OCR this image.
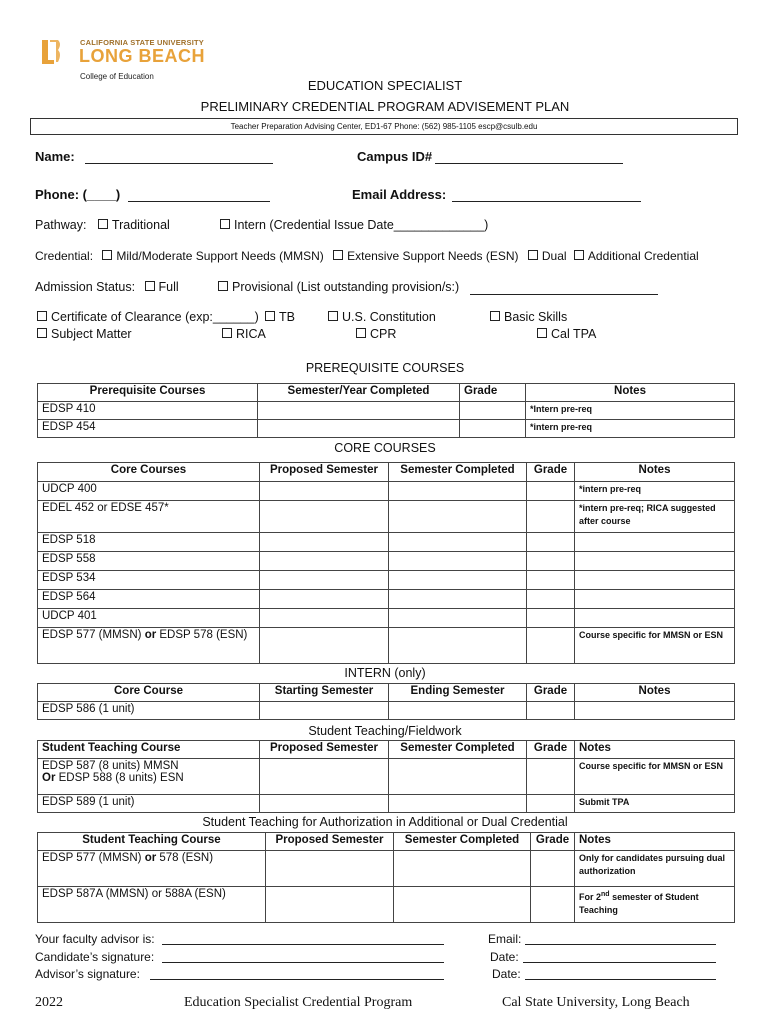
CALIFORNIA STATE UNIVERSITY
LONG BEACH
College of Education
EDUCATION SPECIALIST
PRELIMINARY CREDENTIAL PROGRAM ADVISEMENT PLAN
Teacher Preparation Advising Center, ED1-67 Phone: (562) 985-1105 escp@csulb.edu
Name:	Campus ID#
Phone: (____)	Email Address:
Pathway: Traditional	Intern (Credential Issue Date_____________)
Credential: Mild/Moderate Support Needs (MMSN) Extensive Support Needs (ESN) Dual Additional Credential
Admission Status: Full	Provisional (List outstanding provision/s:)
Certificate of Clearance (exp:______)	TB	U.S. Constitution	Basic Skills
Subject Matter	RICA	CPR	Cal TPA
PREREQUISITE COURSES
Prerequisite Courses	Semester/Year Completed	Grade	Notes
EDSP 410			*Intern pre-req
EDSP 454			*intern pre-req
CORE COURSES
Core Courses	Proposed Semester	Semester Completed	Grade	Notes
UDCP 400				*intern pre-req
EDEL 452 or EDSE 457*				*intern pre-req; RICA suggested after course
EDSP 518				
EDSP 558				
EDSP 534				
EDSP 564				
UDCP 401				
EDSP 577 (MMSN) or EDSP 578 (ESN)				Course specific for MMSN or ESN
INTERN (only)
Core Course	Starting Semester	Ending Semester	Grade	Notes
EDSP 586 (1 unit)				
Student Teaching/Fieldwork
Student Teaching Course	Proposed Semester	Semester Completed	Grade	Notes
EDSP 587 (8 units) MMSN
Or EDSP 588 (8 units) ESN				Course specific for MMSN or ESN
EDSP 589 (1 unit)				Submit TPA
Student Teaching for Authorization in Additional or Dual Credential
Student Teaching Course	Proposed Semester	Semester Completed	Grade	Notes
EDSP 577 (MMSN) or 578 (ESN)				Only for candidates pursuing dual authorization
EDSP 587A (MMSN) or 588A (ESN)				For 2nd semester of Student Teaching
Your faculty advisor is:
Candidate’s signature:
Advisor’s signature:
Email:
Date:
Date:
2022	Education Specialist Credential Program	Cal State University, Long Beach
